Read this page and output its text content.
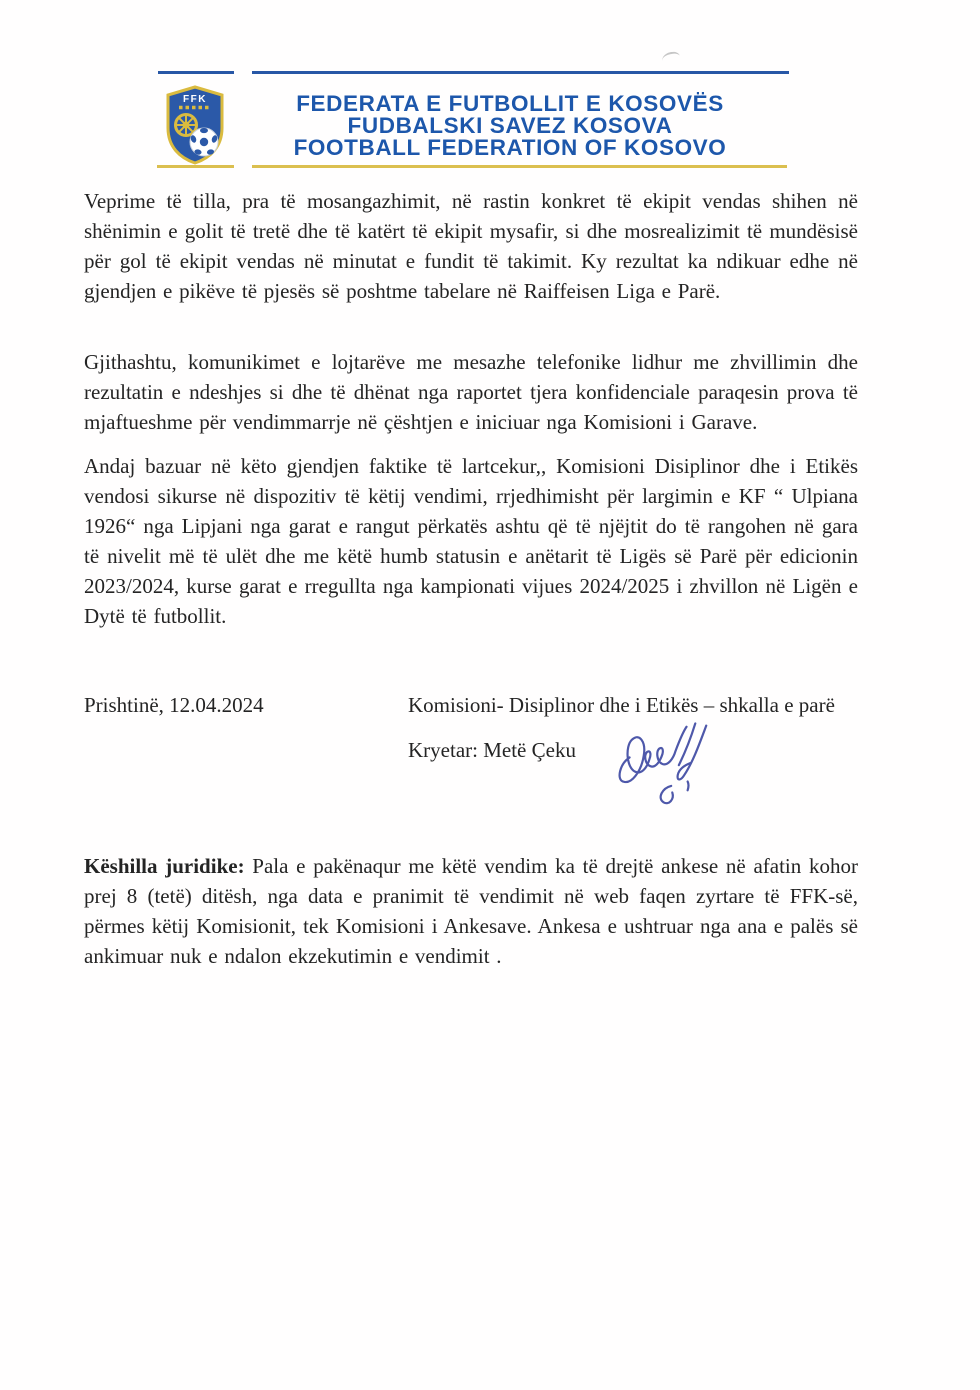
FFK	FEDERATA E FUTBOLLIT E KOSOVËS
FUDBALSKI SAVEZ KOSOVA
FOOTBALL FEDERATION OF KOSOVO

Veprime të tilla, pra të mosangazhimit, në rastin konkret të ekipit vendas shihen në shënimin e golit të tretë dhe të katërt të ekipit mysafir, si dhe mosrealizimit të mundësisë për gol të ekipit vendas në minutat e fundit të takimit. Ky rezultat ka ndikuar edhe në gjendjen e pikëve të pjesës së poshtme tabelare në Raiffeisen Liga e Parë.

Gjithashtu, komunikimet e lojtarëve me mesazhe telefonike lidhur me zhvillimin dhe rezultatin e ndeshjes si dhe të dhënat nga raportet tjera konfidenciale paraqesin prova të mjaftueshme për vendimmarrje në çështjen e iniciuar nga Komisioni i Garave.

Andaj bazuar në këto gjendjen faktike të lartcekur,, Komisioni Disiplinor dhe i Etikës vendosi sikurse në dispozitiv të këtij vendimi, rrjedhimisht për largimin e KF “ Ulpiana 1926“ nga Lipjani nga garat e rangut përkatës ashtu që të njëjtit do të rangohen në gara të nivelit më të ulët dhe me këtë humb statusin e anëtarit të Ligës së Parë për edicionin 2023/2024, kurse garat e rregullta nga kampionati vijues 2024/2025 i zhvillon në Ligën e Dytë të futbollit.

Prishtinë, 12.04.2024	Komisioni- Disiplinor dhe i Etikës – shkalla e parë

Kryetar: Metë Çeku

Këshilla juridike: Pala e pakënaqur me këtë vendim ka të drejtë ankese në afatin kohor prej 8 (tetë) ditësh, nga data e pranimit të vendimit në web faqen zyrtare të FFK-së, përmes këtij Komisionit, tek Komisioni i Ankesave. Ankesa e ushtruar nga ana e palës së ankimuar nuk e ndalon ekzekutimin e vendimit .
